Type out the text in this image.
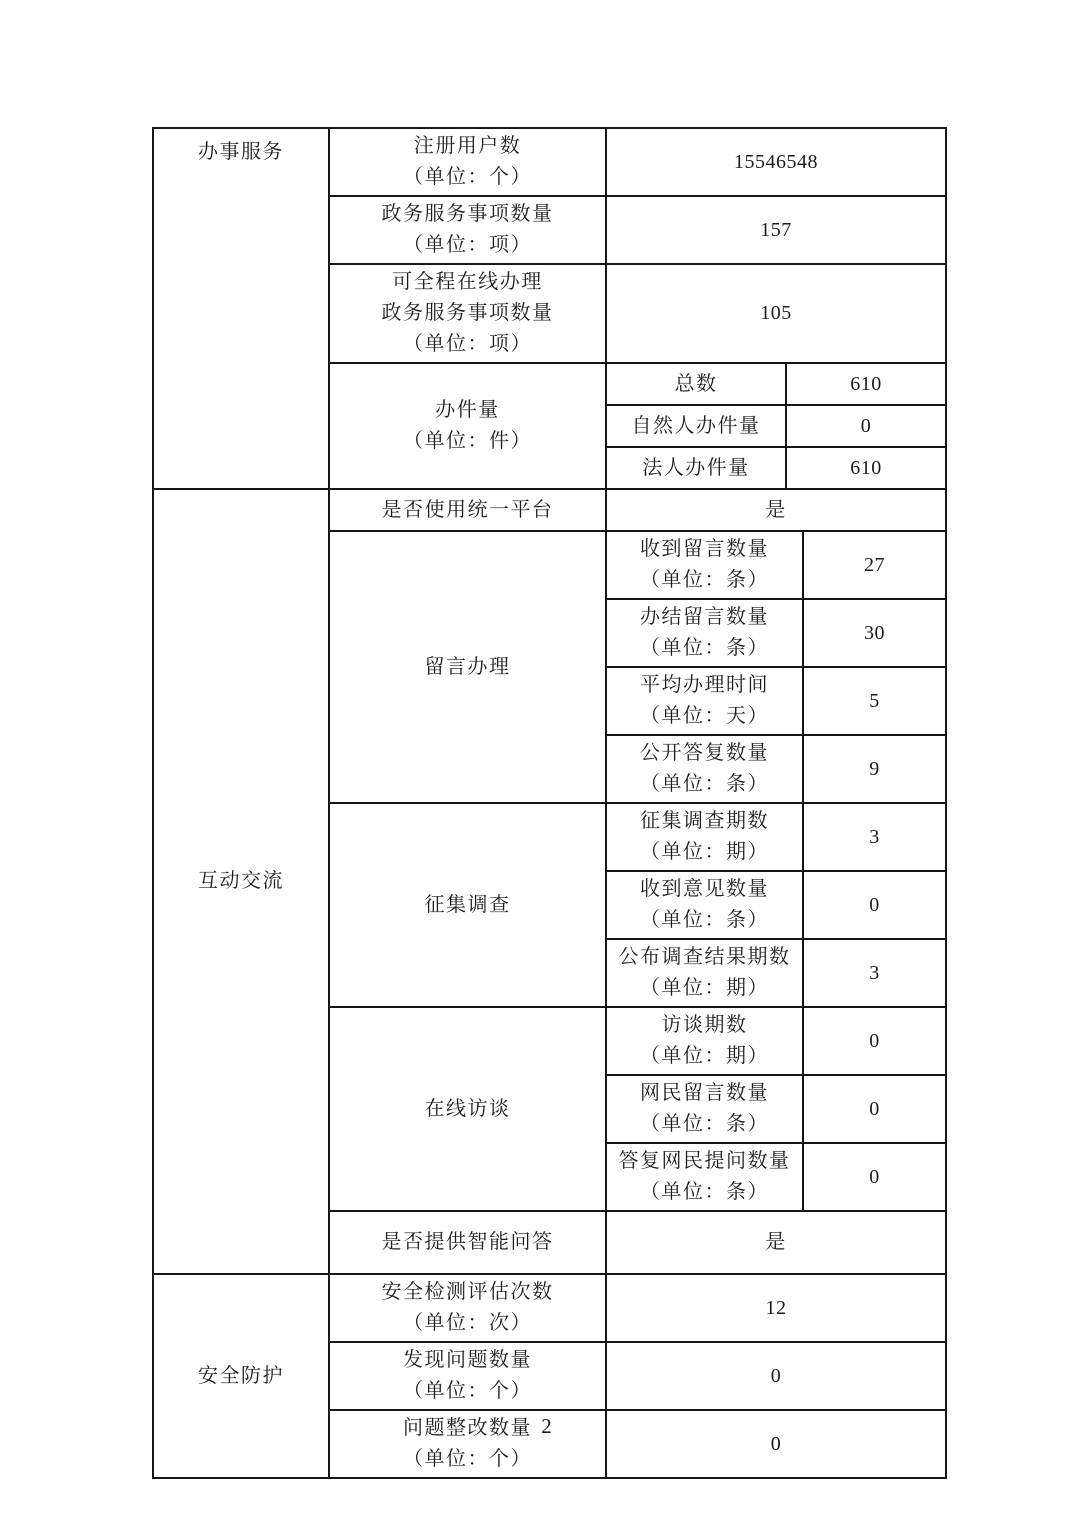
办事服务	注册用户数
（单位：个）	15546548	
	政务服务事项数量
（单位：项）	157	
	可全程在线办理
政务服务事项数量
（单位：项）	105	
	办件量
（单位：件）	总数	610
		自然人办件量	0
		法人办件量	610
互动交流	是否使用统一平台	是	
	留言办理	收到留言数量
（单位：条）	27
		办结留言数量
（单位：条）	30
		平均办理时间
（单位：天）	5
		公开答复数量
（单位：条）	9
	征集调查	征集调查期数
（单位：期）	3
		收到意见数量
（单位：条）	0
		公布调查结果期数
（单位：期）	3
	在线访谈	访谈期数
（单位：期）	0
		网民留言数量
（单位：条）	0
		答复网民提问数量
（单位：条）	0
	是否提供智能问答	是	
安全防护	安全检测评估次数
（单位：次）	12
	发现问题数量
（单位：个）	0
	问题整改数量
（单位：个）	0
2
